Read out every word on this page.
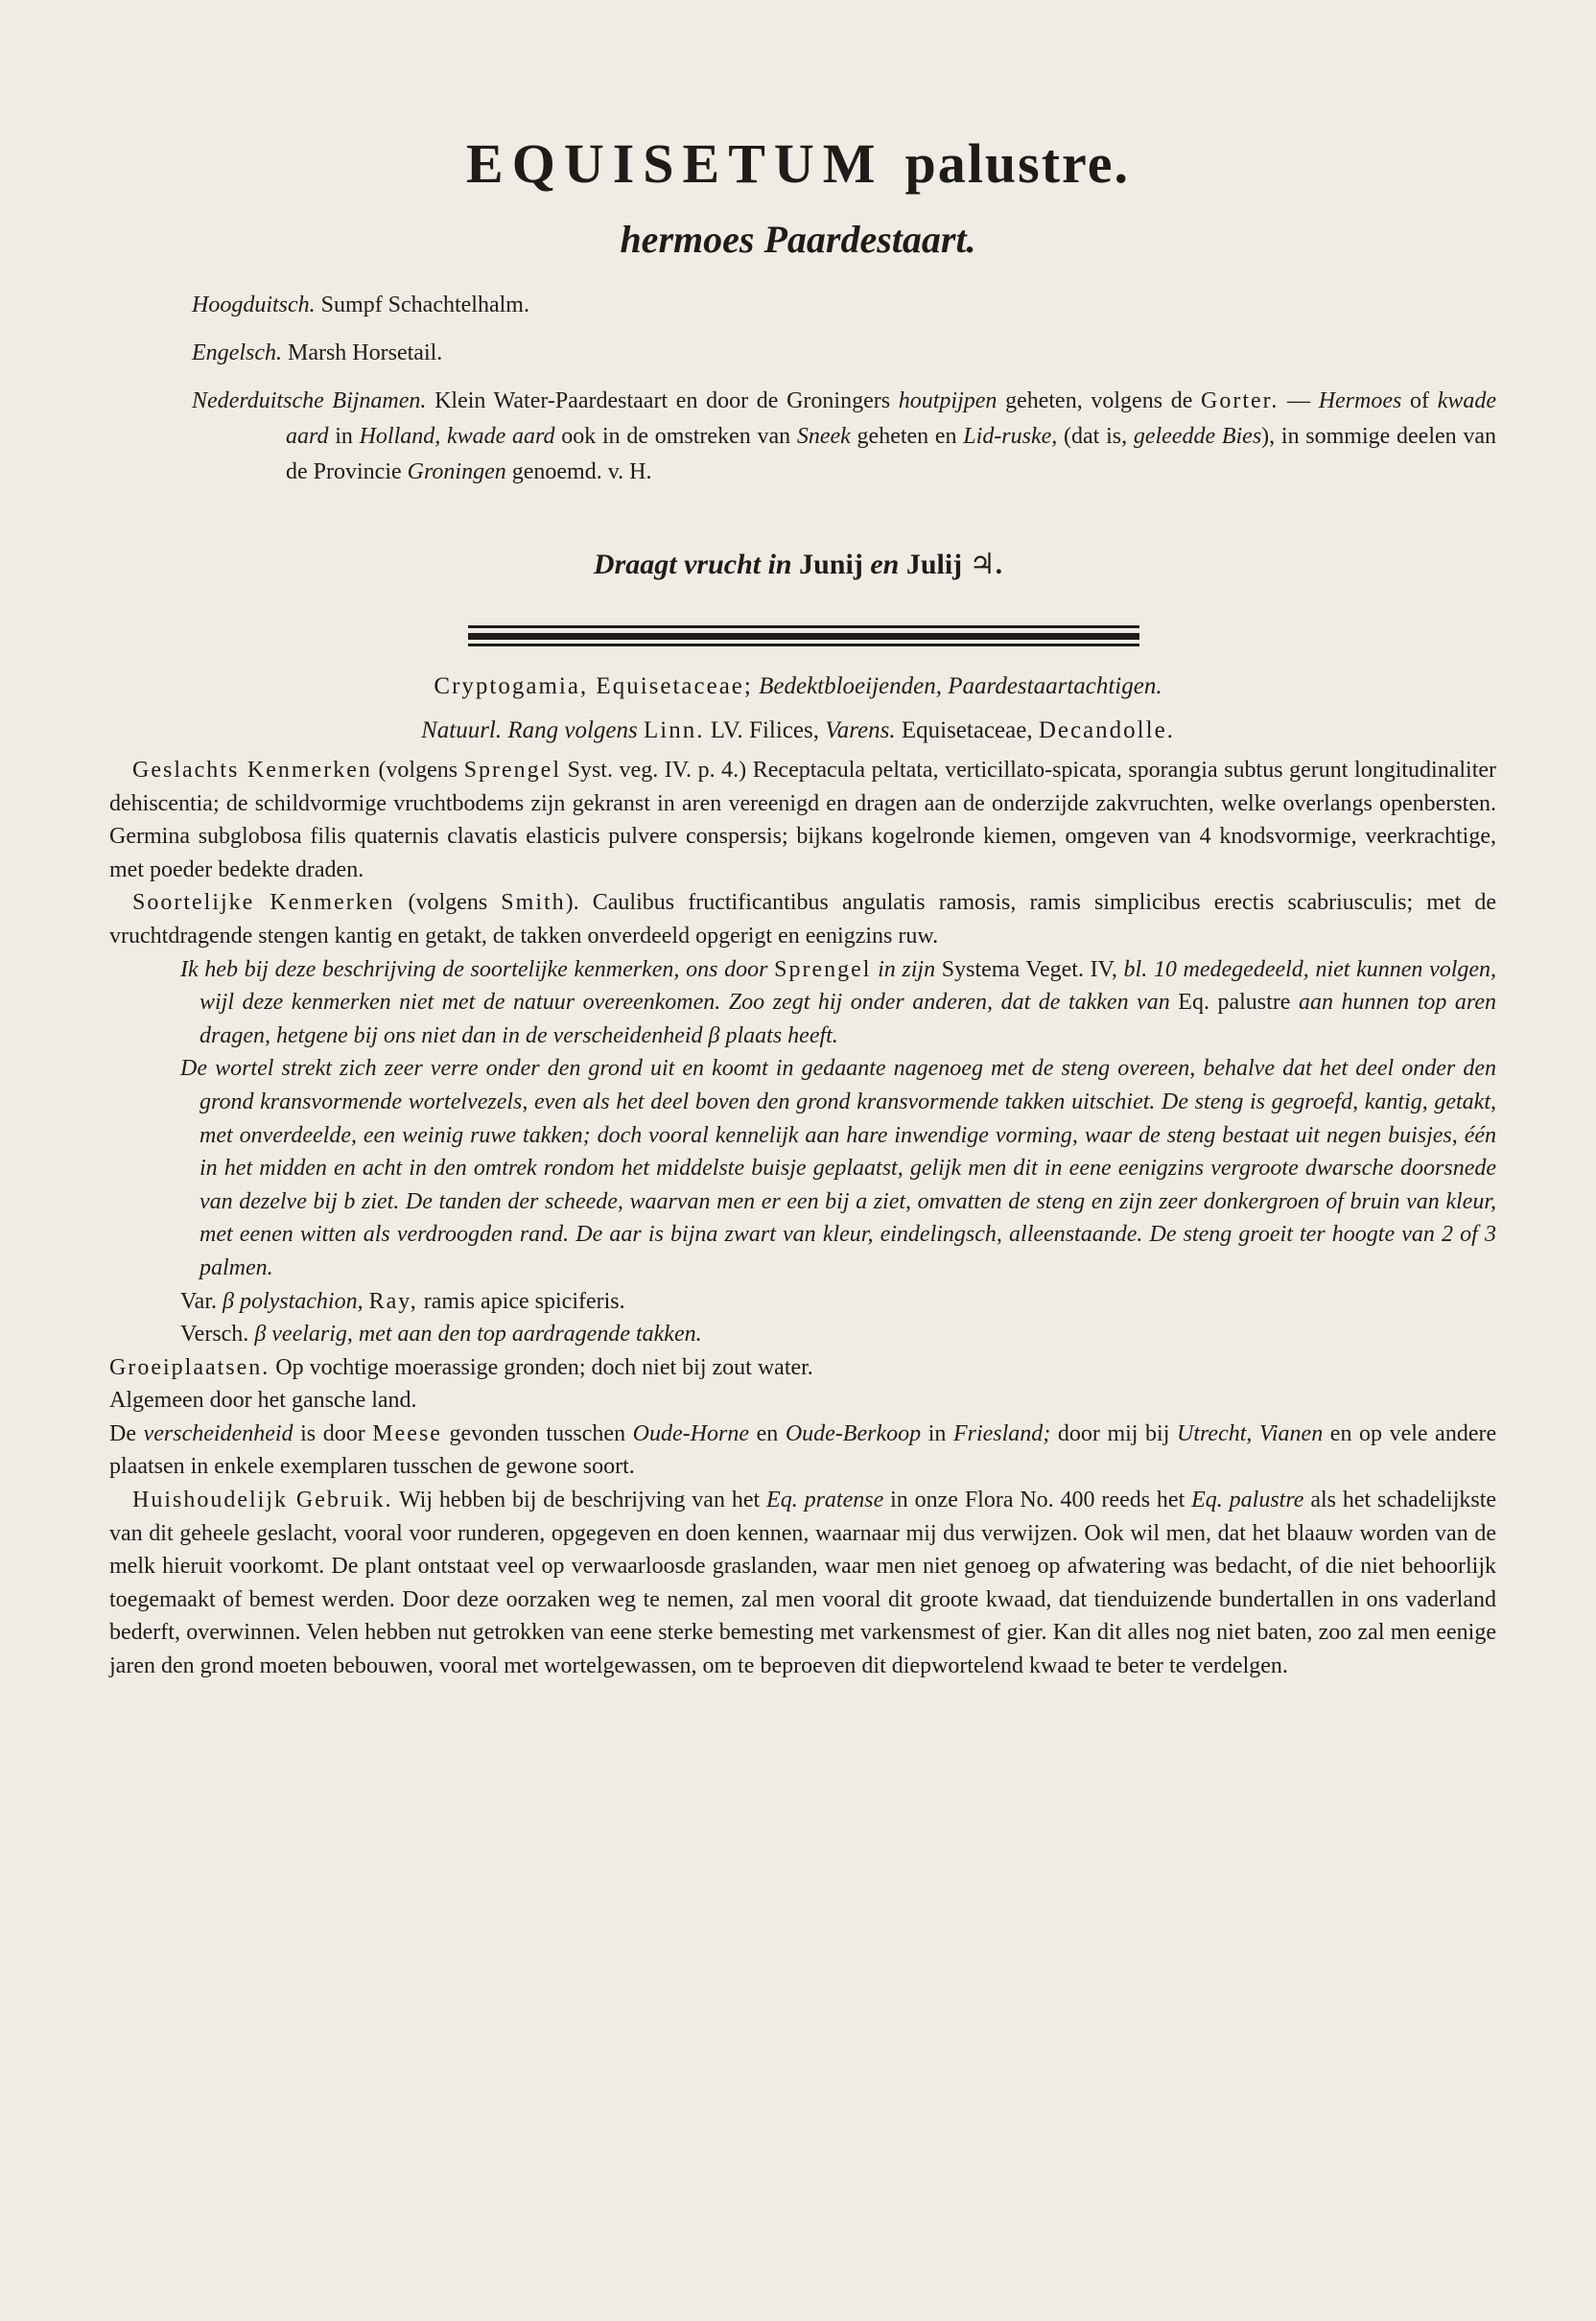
EQUISETUM palustre.
hermoes Paardestaart.

Hoogduitsch. Sumpf Schachtelhalm.

Engelsch. Marsh Horsetail.

Nederduitsche Bijnamen. Klein Water-Paardestaart en door de Groningers houtpijpen geheten, volgens de Gorter. — Hermoes of kwade aard in Holland, kwade aard ook in de omstreken van Sneek geheten en Lid-ruske, (dat is, geleedde Bies), in sommige deelen van de Provincie Groningen genoemd. v. H.

Draagt vrucht in Junij en Julij ♃.
Cryptogamia, Equisetaceae; Bedektbloeijenden, Paardestaartachtigen.
Natuurl. Rang volgens Linn. LV. Filices, Varens. Equisetaceae, Decandolle.

Geslachts Kenmerken (volgens Sprengel Syst. veg. IV. p. 4.) Receptacula peltata, verticillato-spicata, sporangia subtus gerunt longitudinaliter dehiscentia; de schildvormige vruchtbodems zijn gekranst in aren vereenigd en dragen aan de onderzijde zakvruchten, welke overlangs openbersten. Germina subglobosa filis quaternis clavatis elasticis pulvere conspersis; bijkans kogelronde kiemen, omgeven van 4 knodsvormige, veerkrachtige, met poeder bedekte draden.

Soortelijke Kenmerken (volgens Smith). Caulibus fructificantibus angulatis ramosis, ramis simplicibus erectis scabriusculis; met de vruchtdragende stengen kantig en getakt, de takken onverdeeld opgerigt en eenigzins ruw.

Ik heb bij deze beschrijving de soortelijke kenmerken, ons door Sprengel in zijn Systema Veget. IV, bl. 10 medegedeeld, niet kunnen volgen, wijl deze kenmerken niet met de natuur overeenkomen. Zoo zegt hij onder anderen, dat de takken van Eq. palustre aan hunnen top aren dragen, hetgene bij ons niet dan in de verscheidenheid β plaats heeft.

De wortel strekt zich zeer verre onder den grond uit en koomt in gedaante nagenoeg met de steng overeen, behalve dat het deel onder den grond kransvormende wortelvezels, even als het deel boven den grond kransvormende takken uitschiet. De steng is gegroefd, kantig, getakt, met onverdeelde, een weinig ruwe takken; doch vooral kennelijk aan hare inwendige vorming, waar de steng bestaat uit negen buisjes, één in het midden en acht in den omtrek rondom het middelste buisje geplaatst, gelijk men dit in eene eenigzins vergroote dwarsche doorsnede van dezelve bij b ziet. De tanden der scheede, waarvan men er een bij a ziet, omvatten de steng en zijn zeer donkergroen of bruin van kleur, met eenen witten als verdroogden rand. De aar is bijna zwart van kleur, eindelingsch, alleenstaande. De steng groeit ter hoogte van 2 of 3 palmen.

Var. β polystachion, Ray, ramis apice spiciferis.

Versch. β veelarig, met aan den top aardragende takken.

Groeiplaatsen. Op vochtige moerassige gronden; doch niet bij zout water.

Algemeen door het gansche land.

De verscheidenheid is door Meese gevonden tusschen Oude-Horne en Oude-Berkoop in Friesland; door mij bij Utrecht, Vianen en op vele andere plaatsen in enkele exemplaren tusschen de gewone soort.

Huishoudelijk Gebruik. Wij hebben bij de beschrijving van het Eq. pratense in onze Flora No. 400 reeds het Eq. palustre als het schadelijkste van dit geheele geslacht, vooral voor runderen, opgegeven en doen kennen, waarnaar mij dus verwijzen. Ook wil men, dat het blaauw worden van de melk hieruit voorkomt. De plant ontstaat veel op verwaarloosde graslanden, waar men niet genoeg op afwatering was bedacht, of die niet behoorlijk toegemaakt of bemest werden. Door deze oorzaken weg te nemen, zal men vooral dit groote kwaad, dat tienduizende bundertallen in ons vaderland bederft, overwinnen. Velen hebben nut getrokken van eene sterke bemesting met varkensmest of gier. Kan dit alles nog niet baten, zoo zal men eenige jaren den grond moeten bebouwen, vooral met wortelgewassen, om te beproeven dit diepwortelend kwaad te beter te verdelgen.
